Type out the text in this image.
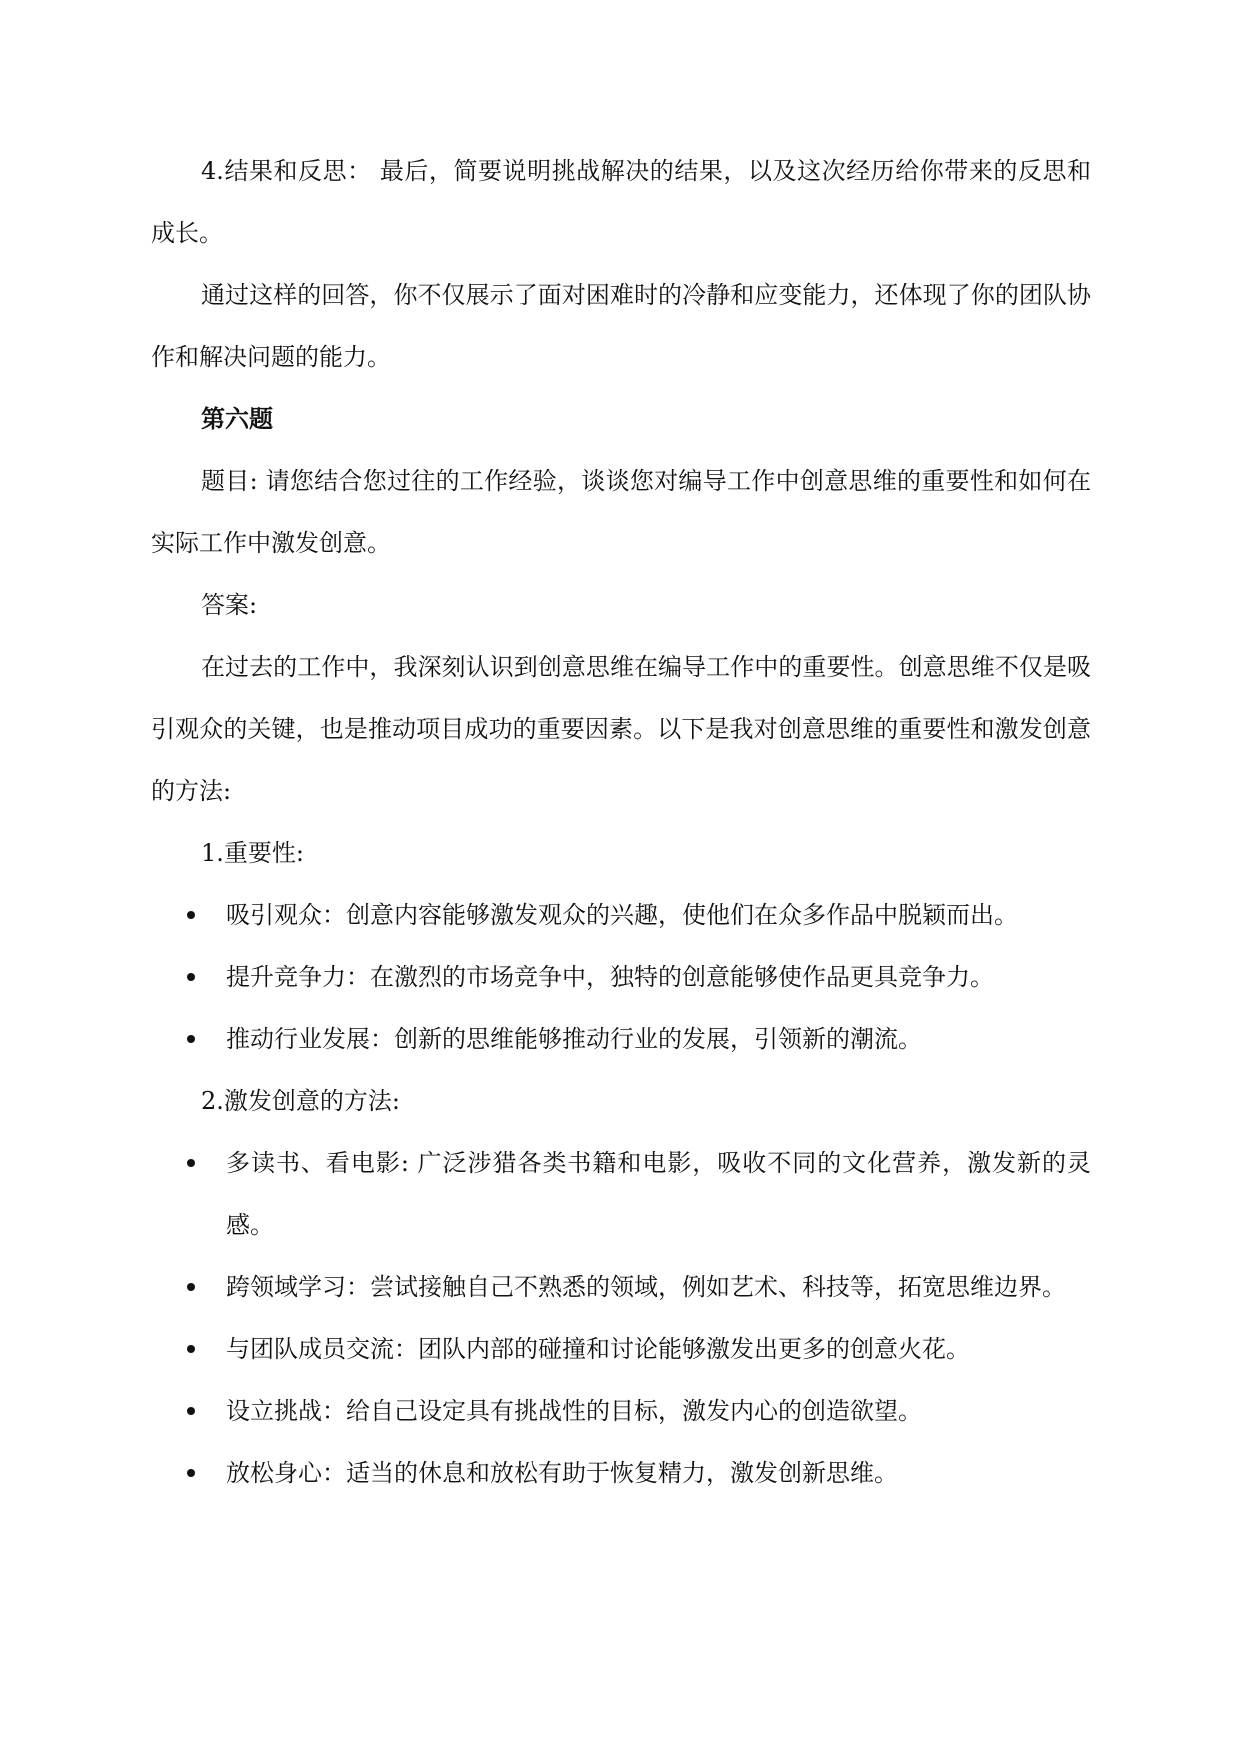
4.结果和反思： 最后，简要说明挑战解决的结果，以及这次经历给你带来的反思和成长。

通过这样的回答，你不仅展示了面对困难时的冷静和应变能力，还体现了你的团队协作和解决问题的能力。

第六题

题目: 请您结合您过往的工作经验，谈谈您对编导工作中创意思维的重要性和如何在实际工作中激发创意。

答案:

在过去的工作中，我深刻认识到创意思维在编导工作中的重要性。创意思维不仅是吸引观众的关键，也是推动项目成功的重要因素。以下是我对创意思维的重要性和激发创意的方法:

1.重要性:

吸引观众：创意内容能够激发观众的兴趣，使他们在众多作品中脱颖而出。
提升竞争力：在激烈的市场竞争中，独特的创意能够使作品更具竞争力。
推动行业发展：创新的思维能够推动行业的发展，引领新的潮流。

2.激发创意的方法:

多读书、看电影: 广泛涉猎各类书籍和电影，吸收不同的文化营养，激发新的灵感。
跨领域学习：尝试接触自己不熟悉的领域，例如艺术、科技等，拓宽思维边界。
与团队成员交流：团队内部的碰撞和讨论能够激发出更多的创意火花。
设立挑战：给自己设定具有挑战性的目标，激发内心的创造欲望。
放松身心：适当的休息和放松有助于恢复精力，激发创新思维。
